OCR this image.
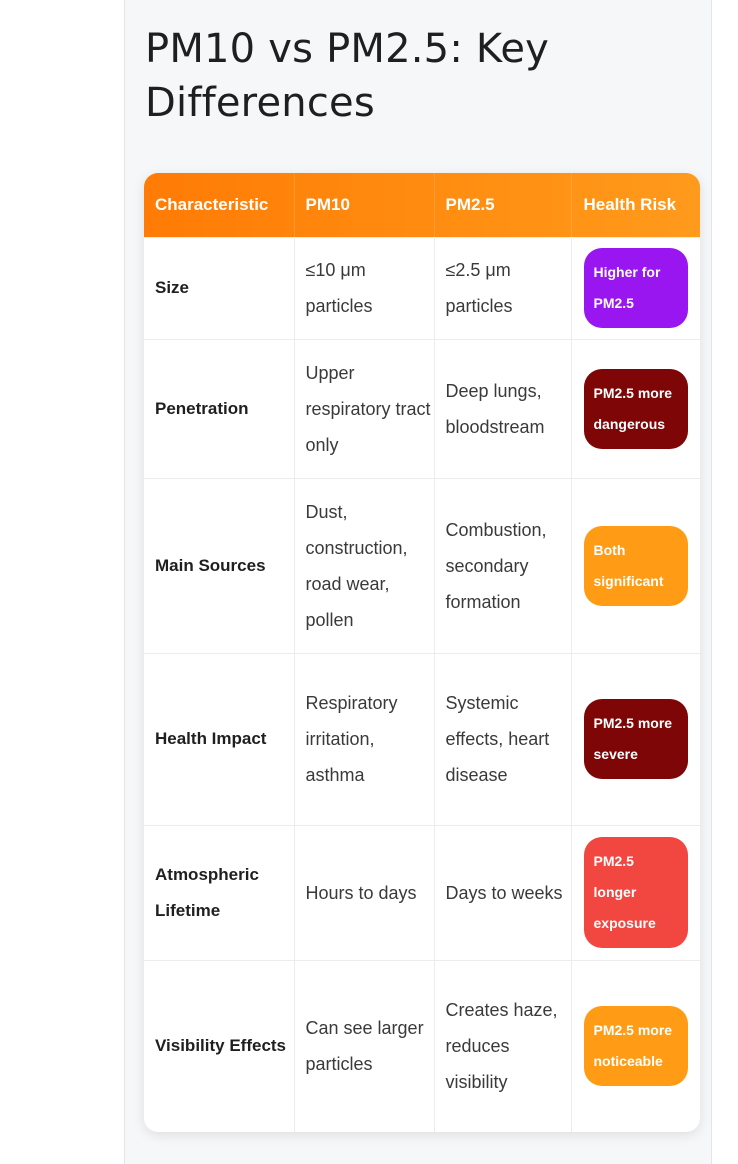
PM10 vs PM2.5: Key Differences
Characteristic	PM10	PM2.5	Health Risk
Size	≤10 μm particles	≤2.5 μm particles	Higher for PM2.5
Penetration	Upper respiratory tract only	Deep lungs, bloodstream	PM2.5 more dangerous
Main Sources	Dust, construction, road wear, pollen	Combustion, secondary formation	Both significant
Health Impact	Respiratory irritation, asthma	Systemic effects, heart disease	PM2.5 more severe
Atmospheric Lifetime	Hours to days	Days to weeks	PM2.5 longer exposure
Visibility Effects	Can see larger particles	Creates haze, reduces visibility	PM2.5 more noticeable
